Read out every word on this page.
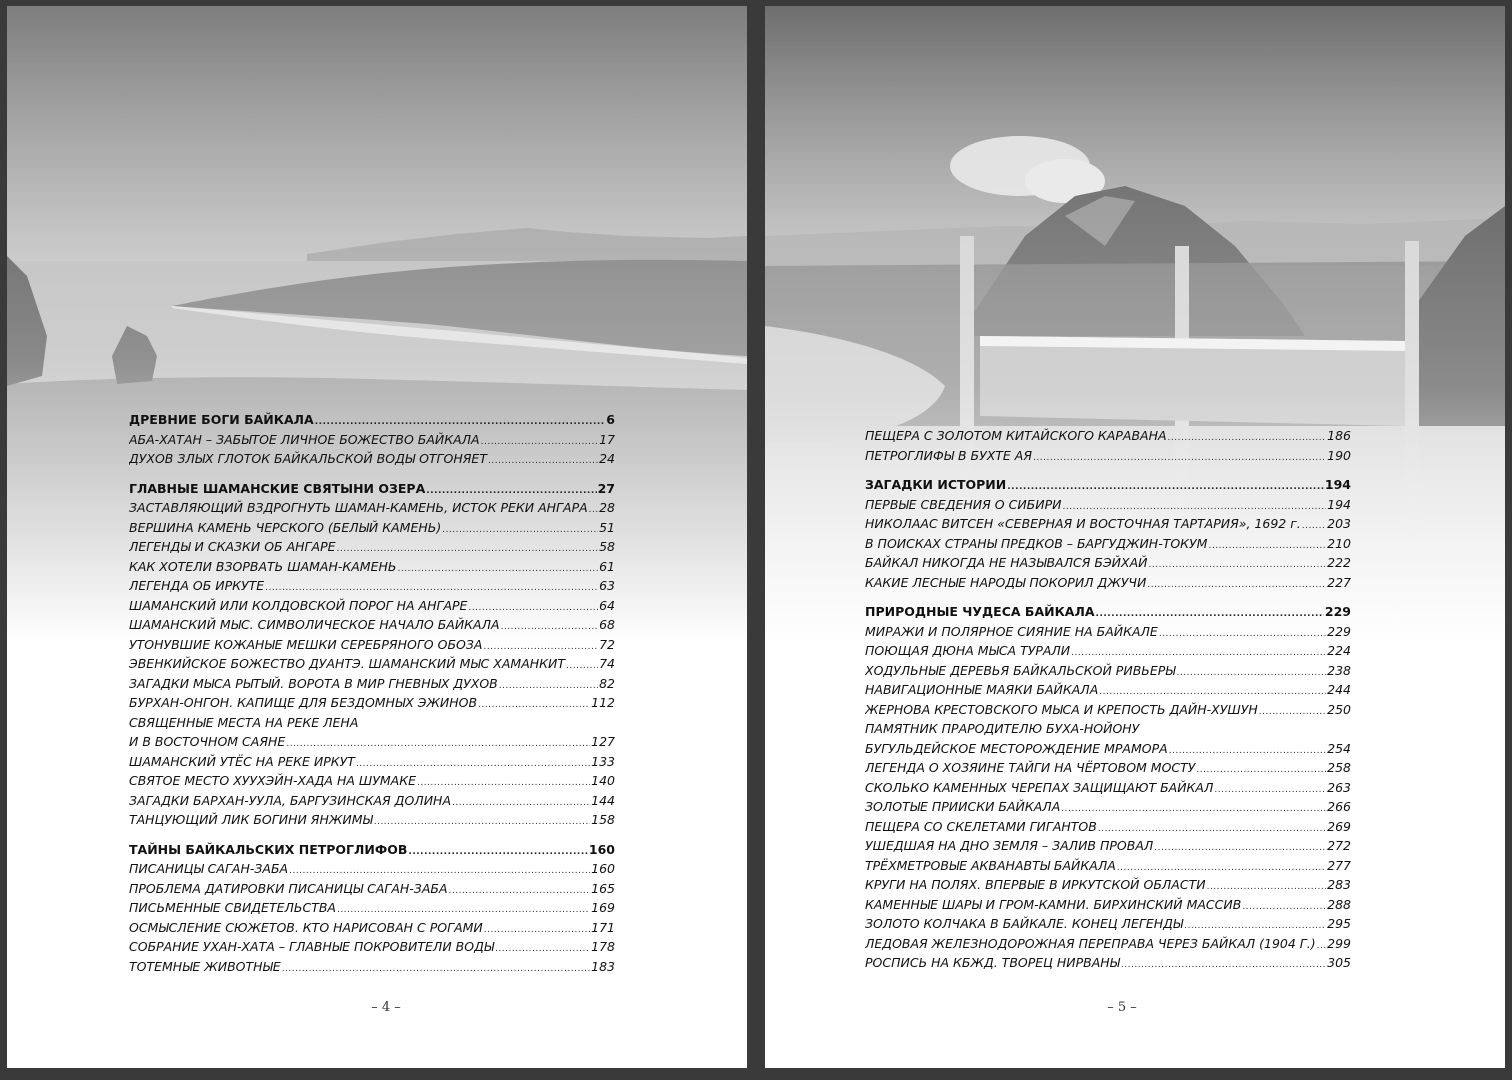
ДРЕВНИЕ БОГИ БАЙКАЛА .....	6
АБА-ХАТАН – ЗАБЫТОЕ ЛИЧНОЕ БОЖЕСТВО БАЙКАЛА .....	17
ДУХОВ ЗЛЫХ ГЛОТОК БАЙКАЛЬСКОЙ ВОДЫ ОТГОНЯЕТ .....	24
ГЛАВНЫЕ ШАМАНСКИЕ СВЯТЫНИ ОЗЕРА .....	27
ЗАСТАВЛЯЮЩИЙ ВЗДРОГНУТЬ ШАМАН-КАМЕНЬ, ИСТОК РЕКИ АНГАРА ..... 28
ВЕРШИНА КАМЕНЬ ЧЕРСКОГО (БЕЛЫЙ КАМЕНЬ) .....	51
ЛЕГЕНДЫ И СКАЗКИ ОБ АНГАРЕ .....	58
КАК ХОТЕЛИ ВЗОРВАТЬ ШАМАН-КАМЕНЬ .....	61
ЛЕГЕНДА ОБ ИРКУТЕ .....	63
ШАМАНСКИЙ ИЛИ КОЛДОВСКОЙ ПОРОГ НА АНГАРЕ .....	64
ШАМАНСКИЙ МЫС. СИМВОЛИЧЕСКОЕ НАЧАЛО БАЙКАЛА .....	68
УТОНУВШИЕ КОЖАНЫЕ МЕШКИ СЕРЕБРЯНОГО ОБОЗА .....	72
ЭВЕНКИЙСКОЕ БОЖЕСТВО ДУАНТЭ. ШАМАНСКИЙ МЫС ХАМАНКИТ .....	74
ЗАГАДКИ МЫСА РЫТЫЙ. ВОРОТА В МИР ГНЕВНЫХ ДУХОВ .....	82
БУРХАН-ОНГОН. КАПИЩЕ ДЛЯ БЕЗДОМНЫХ ЭЖИНОВ .....	112
СВЯЩЕННЫЕ МЕСТА НА РЕКЕ ЛЕНА
И В ВОСТОЧНОМ САЯНЕ .....	127
ШАМАНСКИЙ УТЁС НА РЕКЕ ИРКУТ .....	133
СВЯТОЕ МЕСТО ХУУХЭЙН-ХАДА НА ШУМАКЕ .....	140
ЗАГАДКИ БАРХАН-УУЛА, БАРГУЗИНСКАЯ ДОЛИНА .....	144
ТАНЦУЮЩИЙ ЛИК БОГИНИ ЯНЖИМЫ .....	158
ТАЙНЫ БАЙКАЛЬСКИХ ПЕТРОГЛИФОВ .....	160
ПИСАНИЦЫ САГАН-ЗАБА .....	160
ПРОБЛЕМА ДАТИРОВКИ ПИСАНИЦЫ САГАН-ЗАБА .....	165
ПИСЬМЕННЫЕ СВИДЕТЕЛЬСТВА .....	169
ОСМЫСЛЕНИЕ СЮЖЕТОВ. КТО НАРИСОВАН С РОГАМИ .....	171
СОБРАНИЕ УХАН-ХАТА – ГЛАВНЫЕ ПОКРОВИТЕЛИ ВОДЫ .....	178
ТОТЕМНЫЕ ЖИВОТНЫЕ .....	183
– 4 –
ПЕЩЕРА С ЗОЛОТОМ КИТАЙСКОГО КАРАВАНА .....	186
ПЕТРОГЛИФЫ В БУХТЕ АЯ .....	190
ЗАГАДКИ ИСТОРИИ .....	194
ПЕРВЫЕ СВЕДЕНИЯ О СИБИРИ .....	194
НИКОЛААС ВИТСЕН «СЕВЕРНАЯ И ВОСТОЧНАЯ ТАРТАРИЯ», 1692 г. ..... 203
В ПОИСКАХ СТРАНЫ ПРЕДКОВ – БАРГУДЖИН-ТОКУМ .....	210
БАЙКАЛ НИКОГДА НЕ НАЗЫВАЛСЯ БЭЙХАЙ .....	222
КАКИЕ ЛЕСНЫЕ НАРОДЫ ПОКОРИЛ ДЖУЧИ .....	227
ПРИРОДНЫЕ ЧУДЕСА БАЙКАЛА .....	229
МИРАЖИ И ПОЛЯРНОЕ СИЯНИЕ НА БАЙКАЛЕ .....	229
ПОЮЩАЯ ДЮНА МЫСА ТУРАЛИ .....	224
ХОДУЛЬНЫЕ ДЕРЕВЬЯ БАЙКАЛЬСКОЙ РИВЬЕРЫ .....	238
НАВИГАЦИОННЫЕ МАЯКИ БАЙКАЛА .....	244
ЖЕРНОВА КРЕСТОВСКОГО МЫСА И КРЕПОСТЬ ДАЙН-ХУШУН .....	250
ПАМЯТНИК ПРАРОДИТЕЛЮ БУХА-НОЙОНУ
БУГУЛЬДЕЙСКОЕ МЕСТОРОЖДЕНИЕ МРАМОРА .....	254
ЛЕГЕНДА О ХОЗЯИНЕ ТАЙГИ НА ЧЁРТОВОМ МОСТУ .....	258
СКОЛЬКО КАМЕННЫХ ЧЕРЕПАХ ЗАЩИЩАЮТ БАЙКАЛ .....	263
ЗОЛОТЫЕ ПРИИСКИ БАЙКАЛА .....	266
ПЕЩЕРА СО СКЕЛЕТАМИ ГИГАНТОВ .....	269
УШЕДШАЯ НА ДНО ЗЕМЛЯ – ЗАЛИВ ПРОВАЛ .....	272
ТРЁХМЕТРОВЫЕ АКВАНАВТЫ БАЙКАЛА .....	277
КРУГИ НА ПОЛЯХ. ВПЕРВЫЕ В ИРКУТСКОЙ ОБЛАСТИ .....	283
КАМЕННЫЕ ШАРЫ И ГРОМ-КАМНИ. БИРХИНСКИЙ МАССИВ .....	288
ЗОЛОТО КОЛЧАКА В БАЙКАЛЕ. КОНЕЦ ЛЕГЕНДЫ .....	295
ЛЕДОВАЯ ЖЕЛЕЗНОДОРОЖНАЯ ПЕРЕПРАВА ЧЕРЕЗ БАЙКАЛ (1904 Г.) ..... 299
РОСПИСЬ НА КБЖД. ТВОРЕЦ НИРВАНЫ .....	305
– 5 –
